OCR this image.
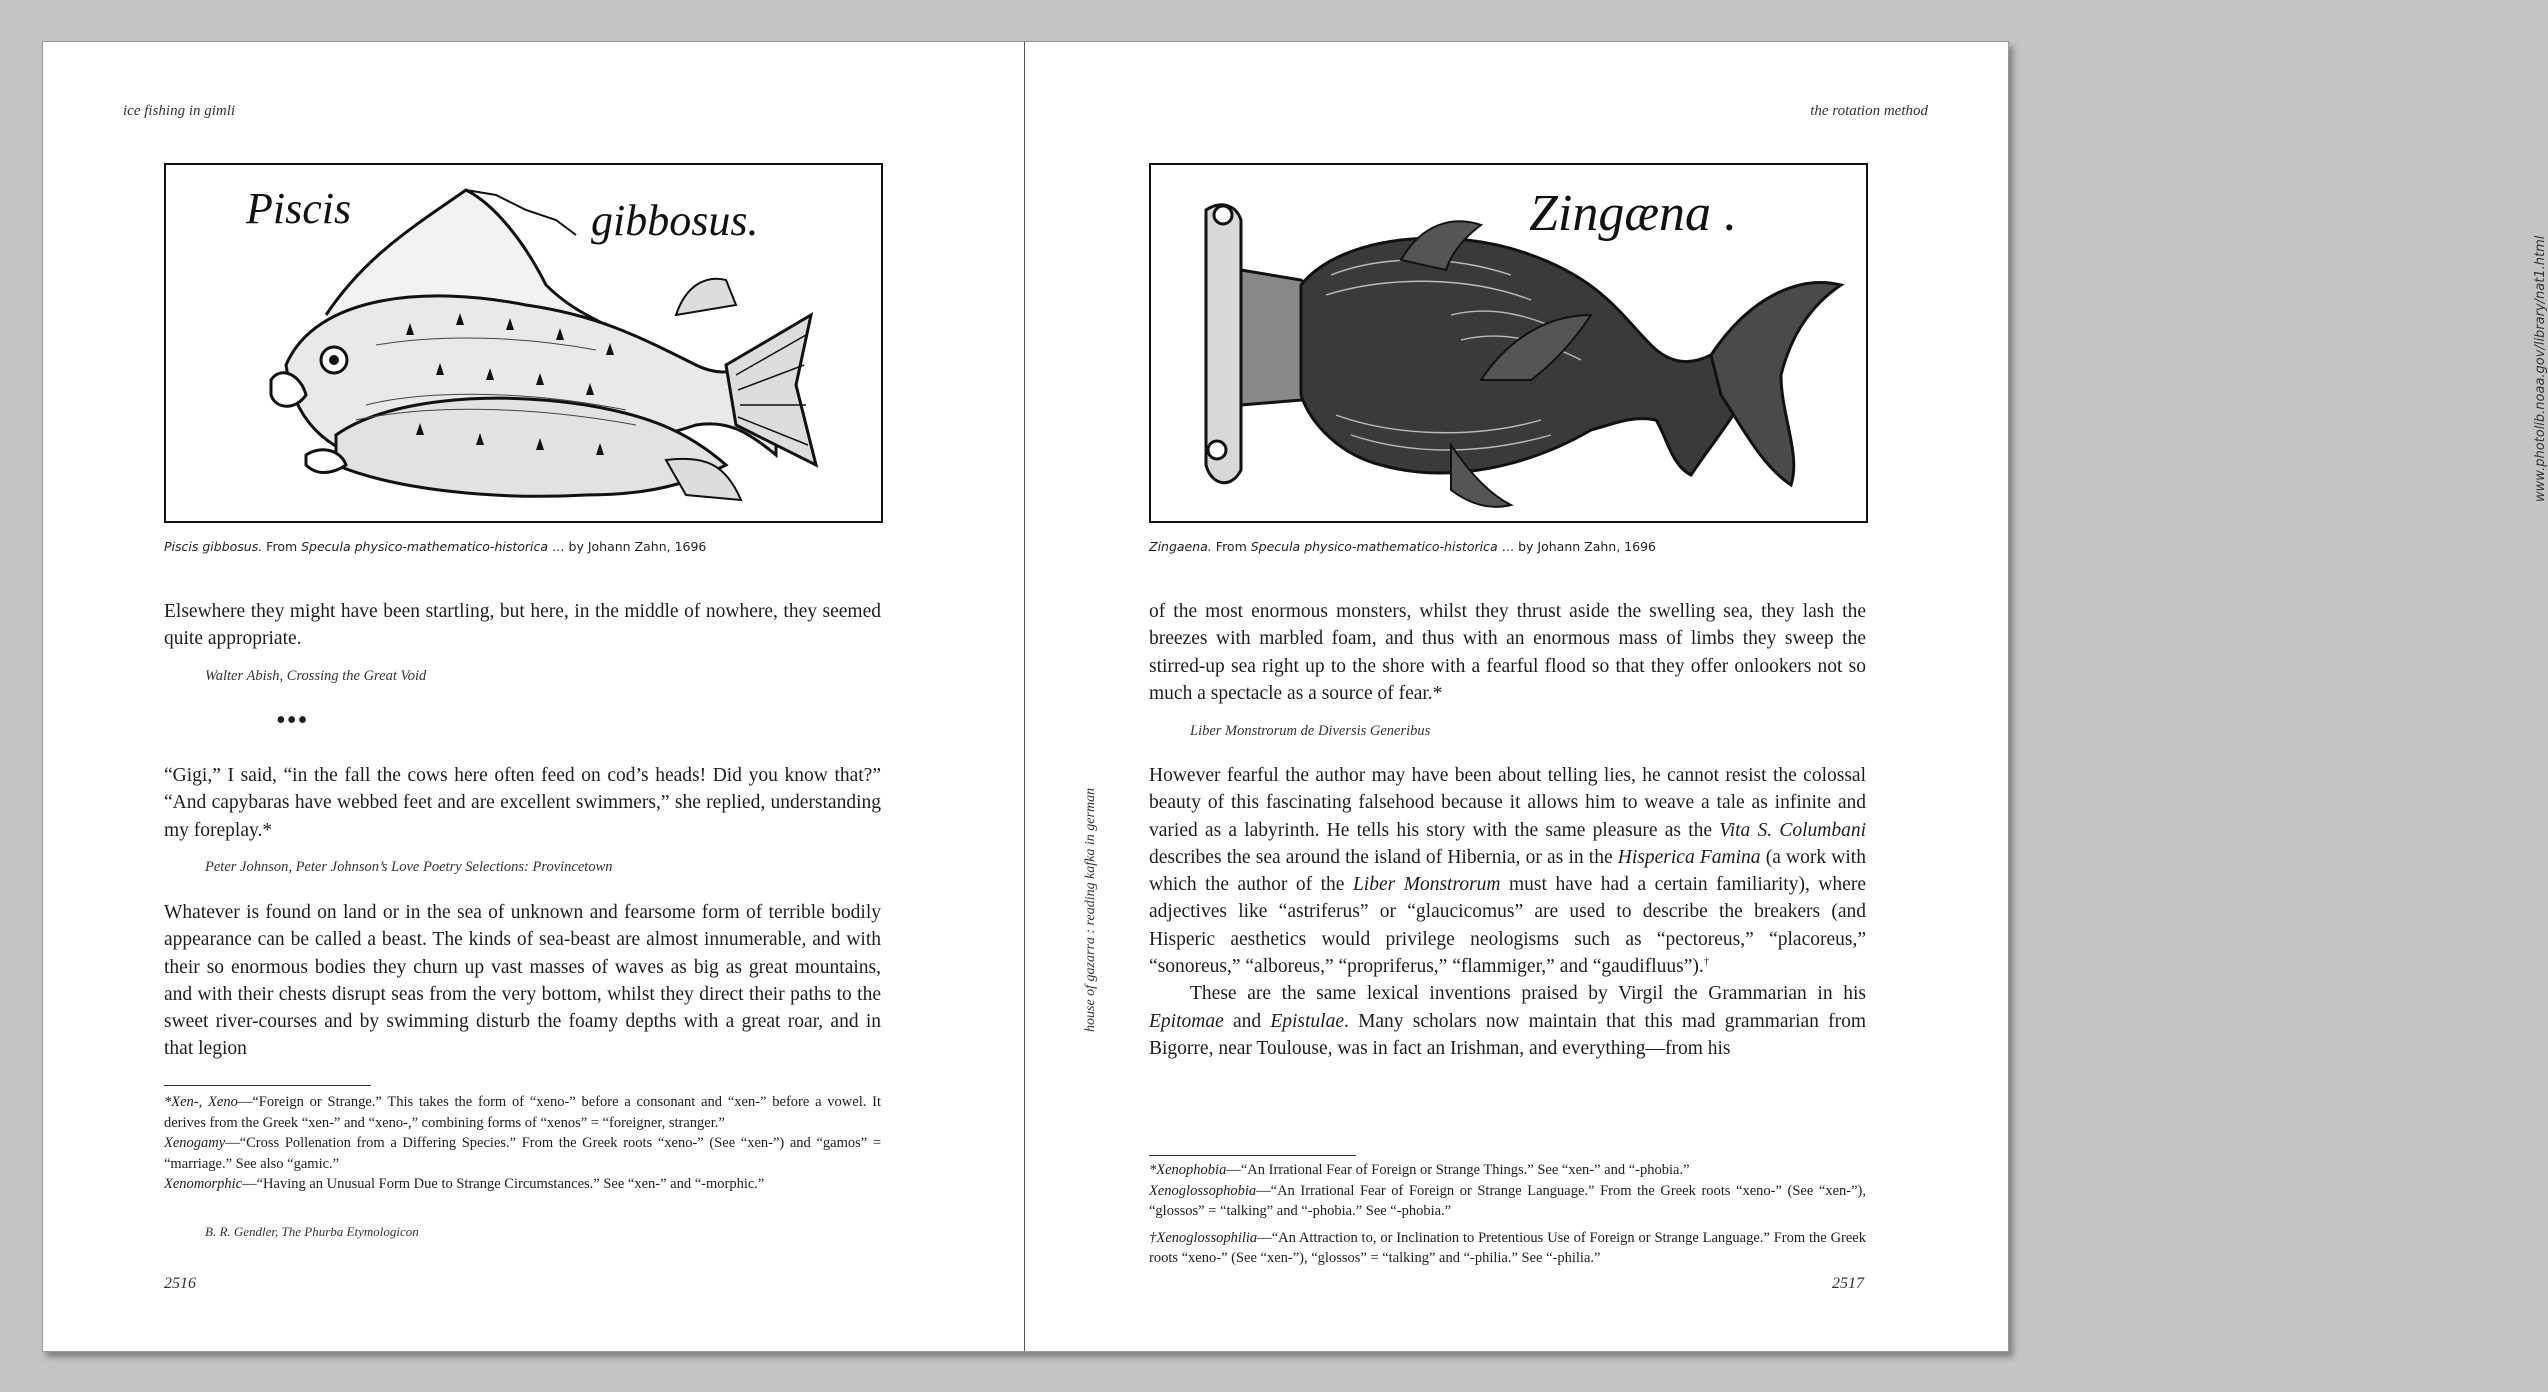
ice fishing in gimli
Piscis	gibbosus.
Piscis gibbosus. From Specula physico-mathematico-historica … by Johann Zahn, 1696

Elsewhere they might have been startling, but here, in the middle of nowhere, they seemed quite appropriate.

Walter Abish, Crossing the Great Void
•••

“Gigi,” I said, “in the fall the cows here often feed on cod’s heads! Did you know that?” “And capybaras have webbed feet and are excellent swimmers,” she replied, understanding my foreplay.*

Peter Johnson, Peter Johnson’s Love Poetry Selections: Provincetown

Whatever is found on land or in the sea of unknown and fearsome form of terrible bodily appearance can be called a beast. The kinds of sea-beast are almost innumerable, and with their so enormous bodies they churn up vast masses of waves as big as great mountains, and with their chests disrupt seas from the very bottom, whilst they direct their paths to the sweet river-courses and by swimming disturb the foamy depths with a great roar, and in that legion

*Xen-, Xeno—“Foreign or Strange.” This takes the form of “xeno-” before a consonant and “xen-” before a vowel. It derives from the Greek “xen-” and “xeno-,” combining forms of “xenos” = “foreigner, stranger.”

Xenogamy—“Cross Pollenation from a Differing Species.” From the Greek roots “xeno-” (See “xen-”) and “gamos” = “marriage.” See also “gamic.”

Xenomorphic—“Having an Unusual Form Due to Strange Circumstances.” See “xen-” and “-morphic.”

B. R. Gendler, The Phurba Etymologicon
2516
the rotation method
Zingæna .
www.photolib.noaa.gov/library/nat1.html
Zingaena. From Specula physico-mathematico-historica … by Johann Zahn, 1696
house of gazarra : reading kafka in german

of the most enormous monsters, whilst they thrust aside the swelling sea, they lash the breezes with marbled foam, and thus with an enormous mass of limbs they sweep the stirred-up sea right up to the shore with a fearful flood so that they offer onlookers not so much a spectacle as a source of fear.*

Liber Monstrorum de Diversis Generibus

However fearful the author may have been about telling lies, he cannot resist the colossal beauty of this fascinating falsehood because it allows him to weave a tale as infinite and varied as a labyrinth. He tells his story with the same pleasure as the Vita S. Columbani describes the sea around the island of Hibernia, or as in the Hisperica Famina (a work with which the author of the Liber Monstrorum must have had a certain familiarity), where adjectives like “astriferus” or “glaucicomus” are used to describe the breakers (and Hisperic aesthetics would privilege neologisms such as “pectoreus,” “placoreus,” “sonoreus,” “alboreus,” “propriferus,” “flammiger,” and “gaudifluus”).†

These are the same lexical inventions praised by Virgil the Grammarian in his Epitomae and Epistulae. Many scholars now maintain that this mad grammarian from Bigorre, near Toulouse, was in fact an Irishman, and everything—from his

*Xenophobia—“An Irrational Fear of Foreign or Strange Things.” See “xen-” and “-phobia.”

Xenoglossophobia—“An Irrational Fear of Foreign or Strange Language.” From the Greek roots “xeno-” (See “xen-”), “glossos” = “talking” and “-phobia.” See “-phobia.”

†Xenoglossophilia—“An Attraction to, or Inclination to Pretentious Use of Foreign or Strange Language.” From the Greek roots “xeno-” (See “xen-”), “glossos” = “talking” and “-philia.” See “-philia.”

2517
